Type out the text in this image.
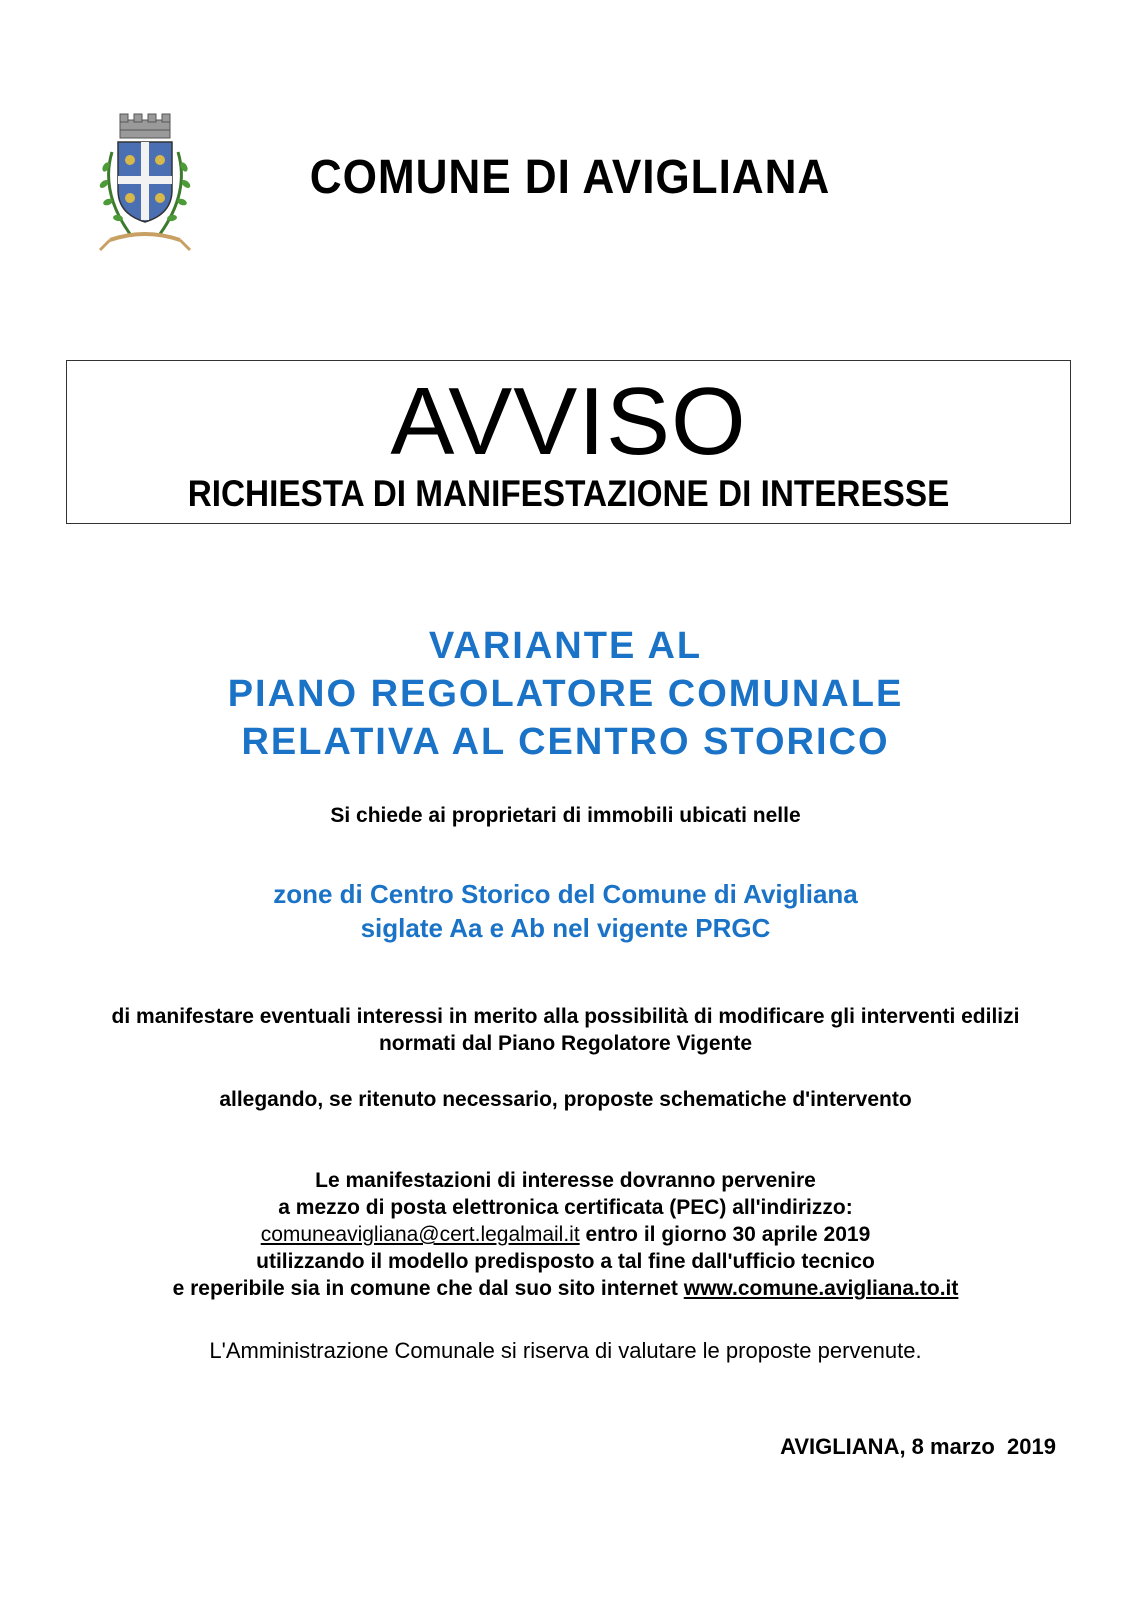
COMUNE DI AVIGLIANA
AVVISO
RICHIESTA DI MANIFESTAZIONE DI INTERESSE
VARIANTE AL
PIANO REGOLATORE COMUNALE
RELATIVA AL CENTRO STORICO
Si chiede ai proprietari di immobili ubicati nelle
zone di Centro Storico del Comune di Avigliana
siglate Aa e Ab nel vigente PRGC
di manifestare eventuali interessi in merito alla possibilità di modificare gli interventi edilizi
normati dal Piano Regolatore Vigente
allegando, se ritenuto necessario, proposte schematiche d'intervento
Le manifestazioni di interesse dovranno pervenire
a mezzo di posta elettronica certificata (PEC) all'indirizzo:
comuneavigliana@cert.legalmail.it entro il giorno 30 aprile 2019
utilizzando il modello predisposto a tal fine dall'ufficio tecnico
e reperibile sia in comune che dal suo sito internet www.comune.avigliana.to.it
L'Amministrazione Comunale si riserva di valutare le proposte pervenute.
AVIGLIANA, 8 marzo  2019
